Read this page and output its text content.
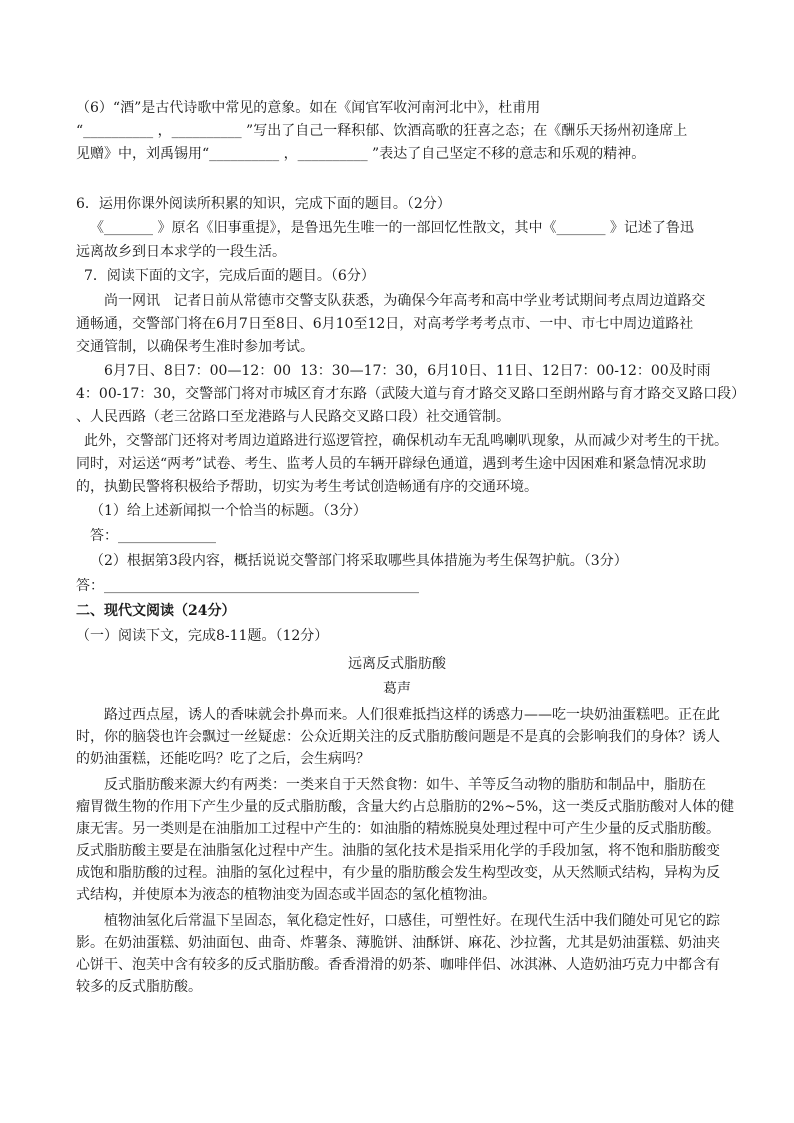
（6）“酒”是古代诗歌中常见的意象。如在《闻官军收河南河北中》，杜甫用
“__________ ，__________ ”写出了自己一释积郁、饮酒高歌的狂喜之态；在《酬乐天扬州初逢席上
见赠》中，刘禹锡用“__________ ，__________ ”表达了自己坚定不移的意志和乐观的精神。
6．运用你课外阅读所积累的知识，完成下面的题目。（2分）
《_______ 》原名《旧事重提》，是鲁迅先生唯一的一部回忆性散文，其中《_______ 》记述了鲁迅
远离故乡到日本求学的一段生活。
7．阅读下面的文字，完成后面的题目。（6分）
尚一网讯   记者日前从常德市交警支队获悉，为确保今年高考和高中学业考试期间考点周边道路交
通畅通，交警部门将在6月7日至8日、6月10至12日，对高考学考考点市、一中、市七中周边道路社
交通管制，以确保考生准时参加考试。
6月7日、8日7：00—12：00  13：30—17：30，6月10日、11日、12日7：00-12：00及时雨
4：00-17：30，交警部门将对市城区育才东路（武陵大道与育才路交叉路口至朗州路与育才路交叉路口段）
、人民西路（老三岔路口至龙港路与人民路交叉路口段）社交通管制。
此外，交警部门还将对考周边道路进行巡逻管控，确保机动车无乱鸣喇叭现象，从而减少对考生的干扰。
同时，对运送“两考”试卷、考生、监考人员的车辆开辟绿色通道，遇到考生途中因困难和紧急情况求助
的，执勤民警将积极给予帮助，切实为考生考试创造畅通有序的交通环境。
（1）给上述新闻拟一个恰当的标题。（3分）
答：______________
（2）根据第3段内容，概括说说交警部门将采取哪些具体措施为考生保驾护航。（3分）
答：_____________________________________________
二、现代文阅读（24分）
（一）阅读下文，完成8-11题。（12分）
远离反式脂肪酸
葛声
路过西点屋，诱人的香味就会扑鼻而来。人们很难抵挡这样的诱惑力——吃一块奶油蛋糕吧。正在此
时，你的脑袋也许会飘过一丝疑虑：公众近期关注的反式脂肪酸问题是不是真的会影响我们的身体？诱人
的奶油蛋糕，还能吃吗？吃了之后，会生病吗？
反式脂肪酸来源大约有两类：一类来自于天然食物：如牛、羊等反刍动物的脂肪和制品中，脂肪在
瘤胃微生物的作用下产生少量的反式脂肪酸，含量大约占总脂肪的2%~5%，这一类反式脂肪酸对人体的健
康无害。另一类则是在油脂加工过程中产生的：如油脂的精炼脱臭处理过程中可产生少量的反式脂肪酸。
反式脂肪酸主要是在油脂氢化过程中产生。油脂的氢化技术是指采用化学的手段加氢，将不饱和脂肪酸变
成饱和脂肪酸的过程。油脂的氢化过程中，有少量的脂肪酸会发生构型改变，从天然顺式结构，异构为反
式结构，并使原本为液态的植物油变为固态或半固态的氢化植物油。
植物油氢化后常温下呈固态，氧化稳定性好，口感佳，可塑性好。在现代生活中我们随处可见它的踪
影。在奶油蛋糕、奶油面包、曲奇、炸薯条、薄脆饼、油酥饼、麻花、沙拉酱，尤其是奶油蛋糕、奶油夹
心饼干、泡芙中含有较多的反式脂肪酸。香香滑滑的奶茶、咖啡伴侣、冰淇淋、人造奶油巧克力中都含有
较多的反式脂肪酸。
